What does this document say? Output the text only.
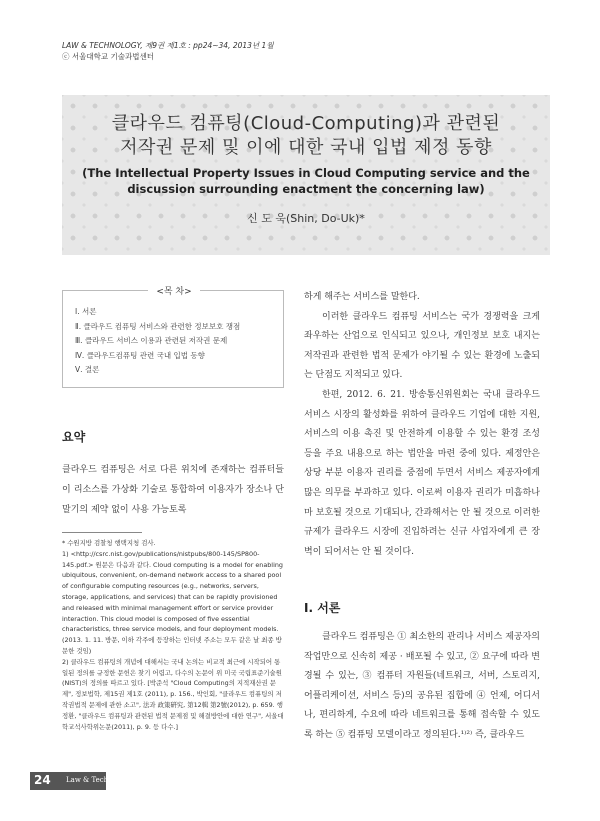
LAW & TECHNOLOGY, 제9권 제1호 : pp24~34, 2013년 1월
ⓒ 서울대학교 기술과법센터
클라우드 컴퓨팅(Cloud-Computing)과 관련된
저작권 문제 및 이에 대한 국내 입법 제정 동향
(The Intellectual Property Issues in Cloud Computing service and the
discussion surrounding enactment the concerning law)
신 도 욱(Shin, Do-Uk)*
Ⅰ. 서론
Ⅱ. 클라우드 컴퓨팅 서비스와 관련한 정보보호 쟁점
Ⅲ. 클라우드 서비스 이용과 관련된 저작권 문제
Ⅳ. 클라우드컴퓨팅 관련 국내 입법 동향
Ⅴ. 결론
<목 차>
요약
클라우드 컴퓨팅은 서로 다른 위치에 존재하는 컴퓨터들이 리소스를 가상화 기술로 통합하여 이용자가 장소나 단말기의 제약 없이 사용 가능토록

* 수원지방 검찰청 행택지청 검사.

1) <http://csrc.nist.gov/publications/nistpubs/800-145/SP800-145.pdf.> 원문은 다음과 같다. Cloud computing is a model for enabling ubiquitous, convenient, on-demand network access to a shared pool of configurable computing resources (e.g., networks, servers, storage, applications, and services) that can be rapidly provisioned and released with minimal management effort or service provider interaction. This cloud model is composed of five essential characteristics, three service models, and four deployment models.(2013. 1. 11. 방문, 이하 각주에 등장하는 인터넷 주소는 모두 같은 날 최종 방문한 것임)

2) 클라우드 컴퓨팅의 개념에 대해서는 국내 논의는 비교적 최근에 시작되어 통일된 정의를 규정한 문헌은 찾기 어렵고, 다수의 논문이 위 미국 국립표준기술원(NIST)의 정의를 따르고 있다. [박준석 "Cloud Computing의 지적재산권 문제", 정보법학, 제15권 제1호 (2011), p. 156., 박인회, "클라우드 컴퓨팅의 저작권법적 문제에 관한 소고", 法과 政策硏究, 第12輯 第2號(2012), p. 659. 행정환, "클라우드 컴퓨팅과 관련된 법적 문제점 및 해결방안에 대한 연구", 서울대학교석사학위논문(2011), p. 9. 등 다수.]

하게 해주는 서비스를 말한다.

이러한 클라우드 컴퓨팅 서비스는 국가 경쟁력을 크게 좌우하는 산업으로 인식되고 있으나, 개인정보 보호 내지는 저작권과 관련한 법적 문제가 야기될 수 있는 환경에 노출되는 단점도 지적되고 있다.

한편, 2012. 6. 21. 방송통신위원회는 국내 클라우드 서비스 시장의 활성화를 위하여 클라우드 기업에 대한 지원, 서비스의 이용 촉진 및 안전하게 이용할 수 있는 환경 조성 등을 주요 내용으로 하는 법안을 마련 중에 있다. 제정안은 상당 부분 이용자 권리를 중점에 두면서 서비스 제공자에게 많은 의무를 부과하고 있다. 이로써 이용자 권리가 미흡하나마 보호될 것으로 기대되나, 간과해서는 안 될 것으로 이러한 규제가 클라우드 시장에 진입하려는 신규 사업자에게 큰 장벽이 되어서는 안 될 것이다.

Ⅰ. 서론

클라우드 컴퓨팅은 ① 최소한의 관리나 서비스 제공자의 작업만으로 신속히 제공 · 배포될 수 있고, ② 요구에 따라 변경될 수 있는, ③ 컴퓨터 자원들(네트워크, 서버, 스토리지, 어플리케이션, 서비스 등)의 공유된 집합에 ④ 언제, 어디서나, 편리하게, 수요에 따라 네트워크를 통해 접속할 수 있도록 하는 ⑤ 컴퓨팅 모델이라고 정의된다.¹⁾²⁾ 즉, 클라우드

24 Law & Technology
